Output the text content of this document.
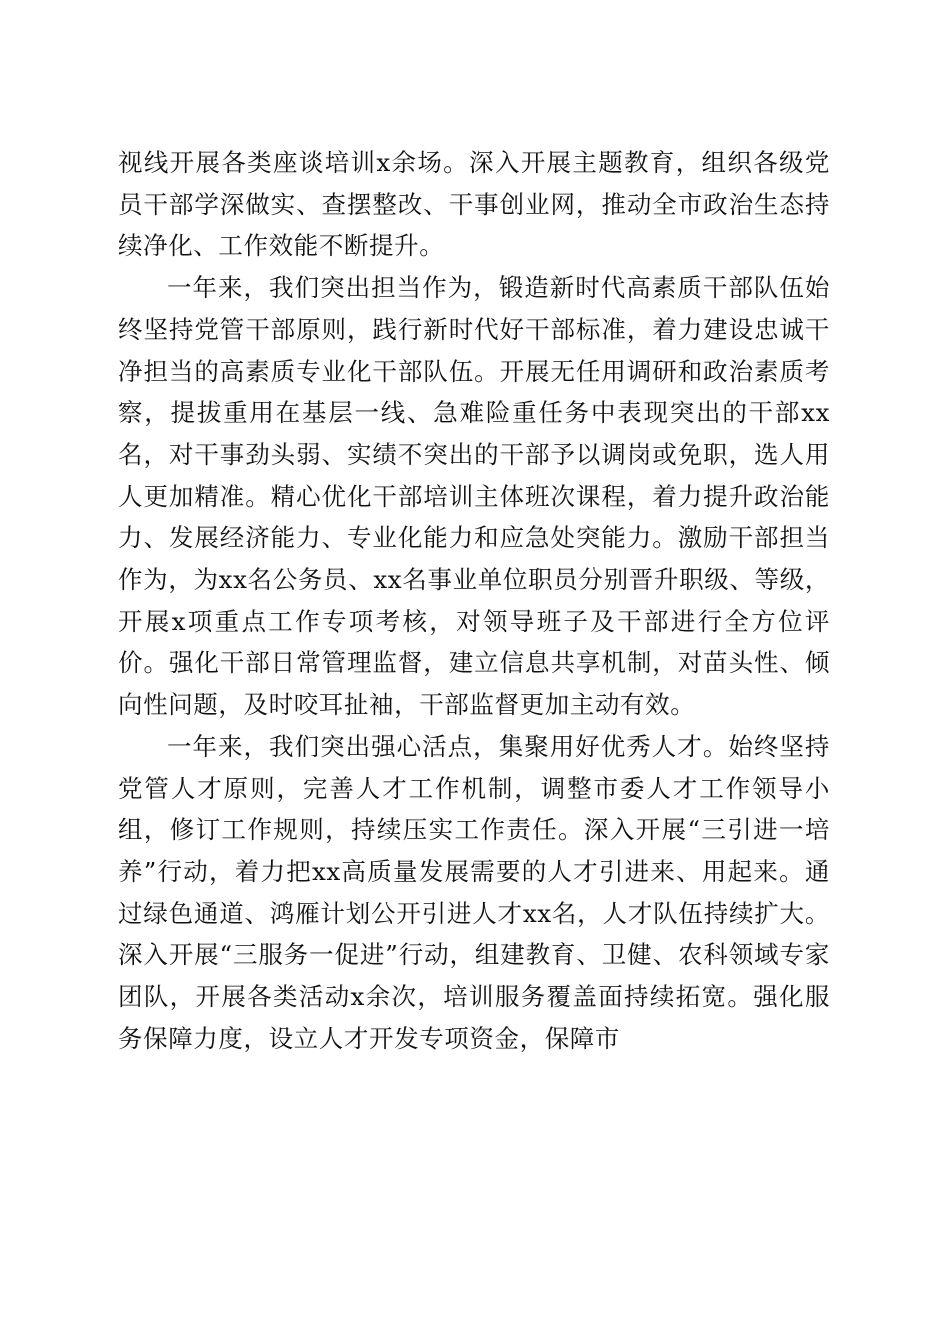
视线开展各类座谈培训x余场。深入开展主题教育，组织各级党员干部学深做实、查摆整改、干事创业网，推动全市政治生态持续净化、工作效能不断提升。

一年来，我们突出担当作为，锻造新时代高素质干部队伍始终坚持党管干部原则，践行新时代好干部标准，着力建设忠诚干净担当的高素质专业化干部队伍。开展无任用调研和政治素质考察，提拔重用在基层一线、急难险重任务中表现突出的干部xx名，对干事劲头弱、实绩不突出的干部予以调岗或免职，选人用人更加精准。精心优化干部培训主体班次课程，着力提升政治能力、发展经济能力、专业化能力和应急处突能力。激励干部担当作为，为xx名公务员、xx名事业单位职员分别晋升职级、等级，开展x项重点工作专项考核，对领导班子及干部进行全方位评价。强化干部日常管理监督，建立信息共享机制，对苗头性、倾向性问题，及时咬耳扯袖，干部监督更加主动有效。

一年来，我们突出强心活点，集聚用好优秀人才。始终坚持党管人才原则，完善人才工作机制，调整市委人才工作领导小组，修订工作规则，持续压实工作责任。深入开展“三引进一培养”行动，着力把xx高质量发展需要的人才引进来、用起来。通过绿色通道、鸿雁计划公开引进人才xx名，人才队伍持续扩大。深入开展“三服务一促进”行动，组建教育、卫健、农科领域专家团队，开展各类活动x余次，培训服务覆盖面持续拓宽。强化服务保障力度，设立人才开发专项资金，保障市
